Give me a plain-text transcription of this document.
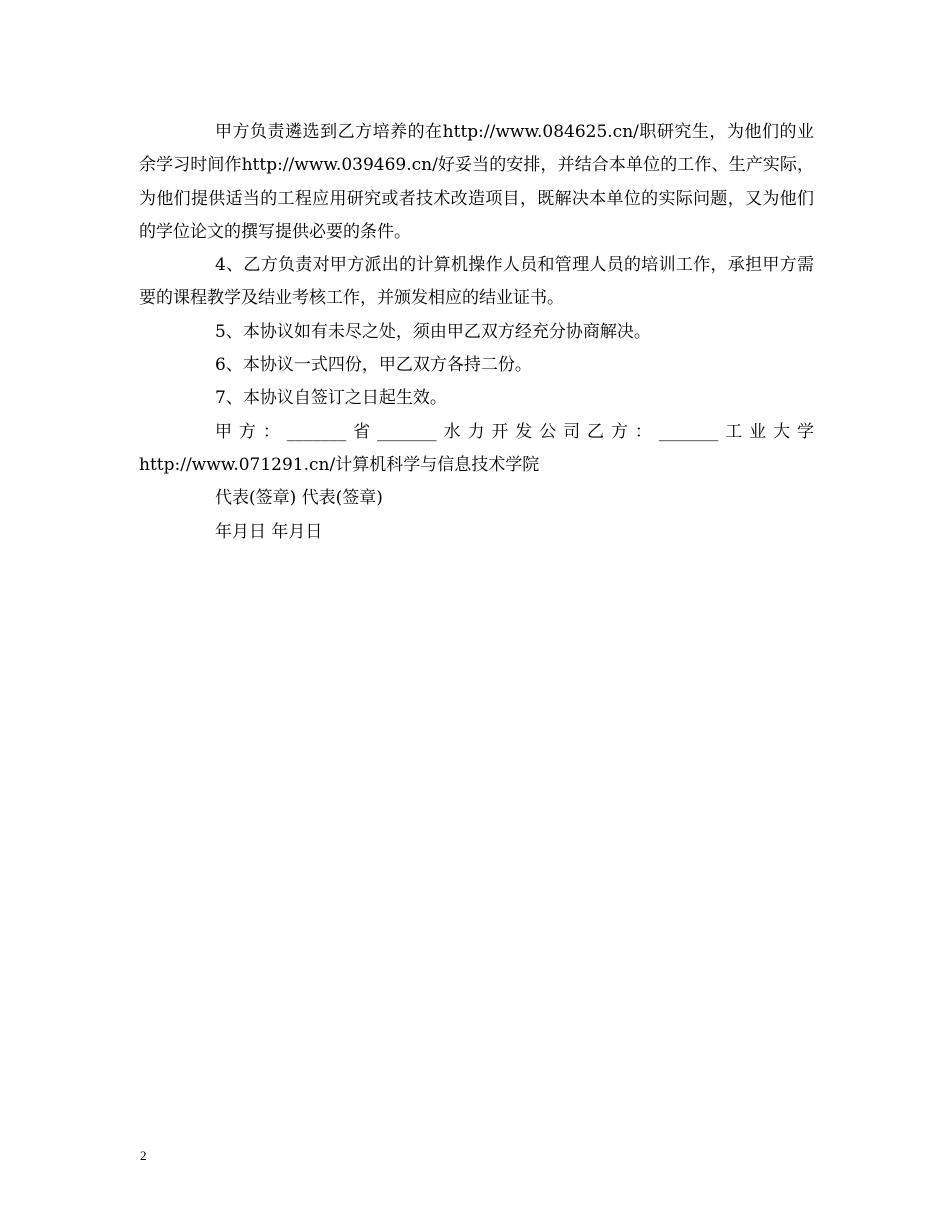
甲方负责遴选到乙方培养的在http://www.084625.cn/职研究生，为他们的业余学习时间作http://www.039469.cn/好妥当的安排，并结合本单位的工作、生产实际，为他们提供适当的工程应用研究或者技术改造项目，既解决本单位的实际问题，又为他们的学位论文的撰写提供必要的条件。

4、乙方负责对甲方派出的计算机操作人员和管理人员的培训工作，承担甲方需要的课程教学及结业考核工作，并颁发相应的结业证书。

5、本协议如有未尽之处，须由甲乙双方经充分协商解决。

6、本协议一式四份，甲乙双方各持二份。

7、本协议自签订之日起生效。

甲方：_______省_______水力开发公司乙方：_______工业大学http://www.071291.cn/计算机科学与信息技术学院

代表(签章) 代表(签章)

年月日 年月日

2
